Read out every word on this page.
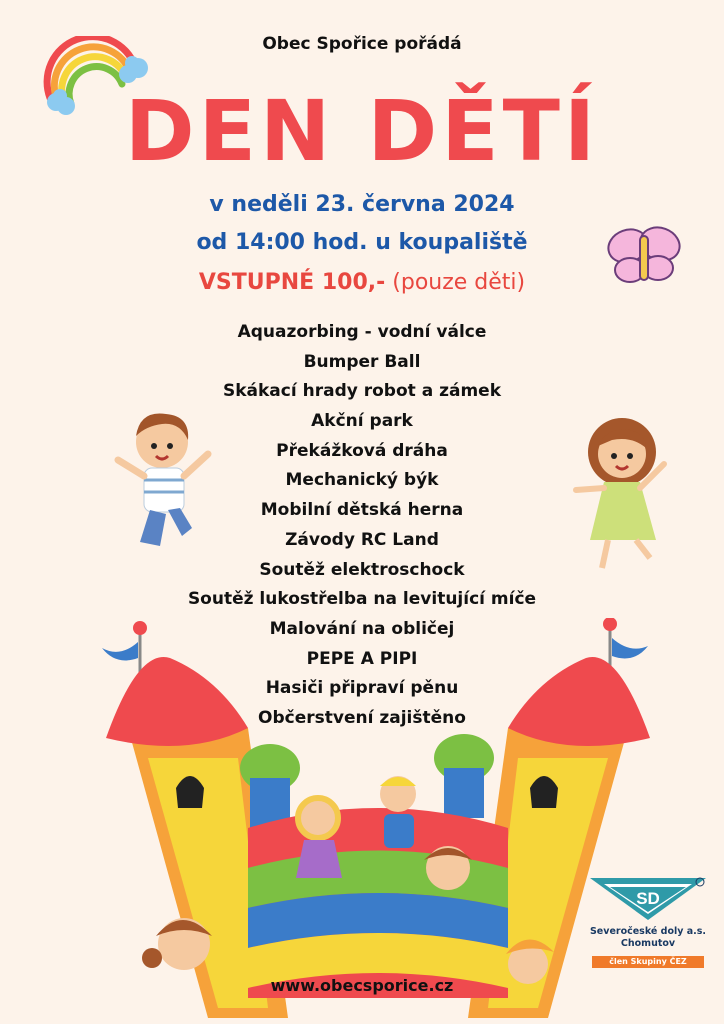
Obec Spořice pořádá
DEN DĚTÍ
v neděli 23. června 2024
od 14:00 hod. u koupaliště
VSTUPNÉ 100,- (pouze děti)
Aquazorbing - vodní válce
Bumper Ball
Skákací hrady robot a zámek
Akční park
Překážková dráha
Mechanický býk
Mobilní dětská herna
Závody RC Land
Soutěž elektroschock
Soutěž lukostřelba na levitující míče
Malování na obličej
PEPE A PIPI
Hasiči připraví pěnu
Občerstvení zajištěno
www.obecsporice.cz
SD
Severočeské doly a.s.
Chomutov
člen Skupiny ČEZ
